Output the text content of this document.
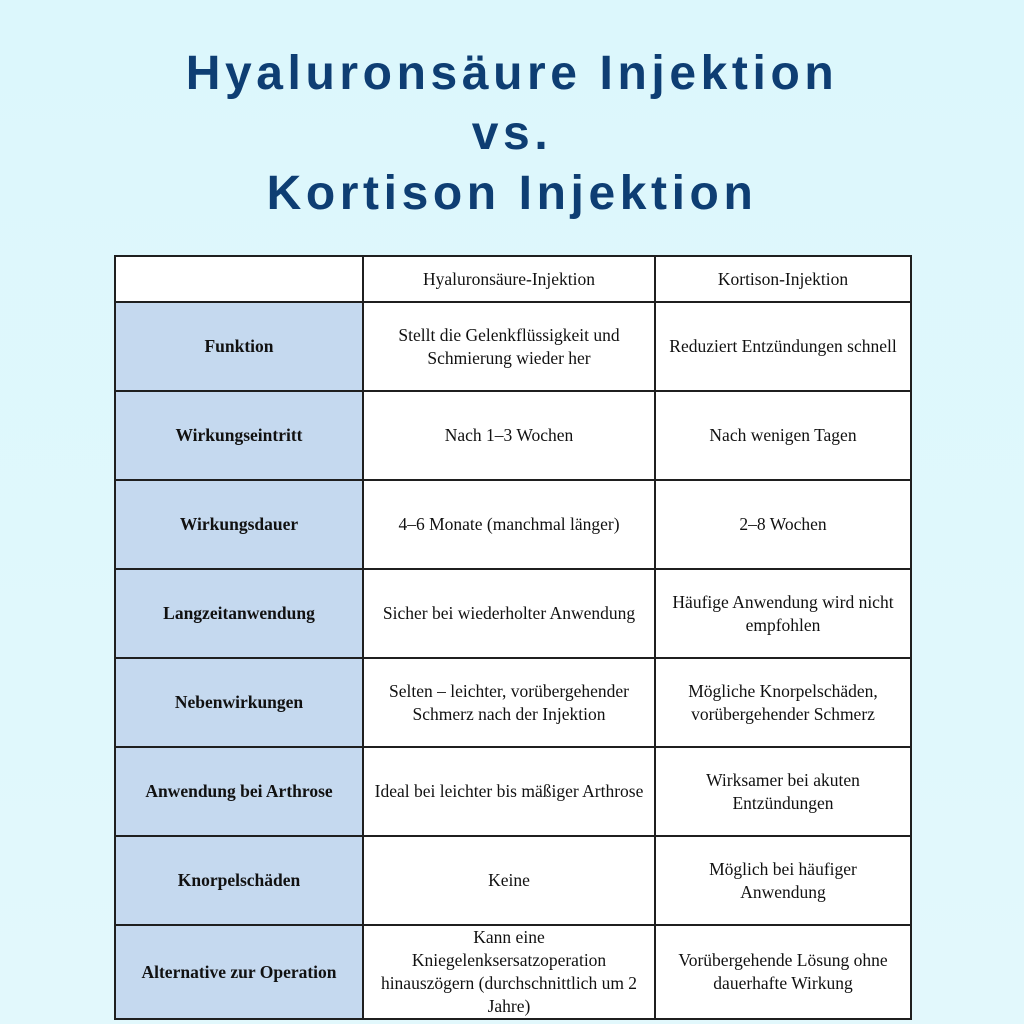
Hyaluronsäure Injektion
vs.
Kortison Injektion
	Hyaluronsäure-Injektion	Kortison-Injektion
Funktion	Stellt die Gelenkflüssigkeit und Schmierung wieder her	Reduziert Entzündungen schnell
Wirkungseintritt	Nach 1–3 Wochen	Nach wenigen Tagen
Wirkungsdauer	4–6 Monate (manchmal länger)	2–8 Wochen
Langzeitanwendung	Sicher bei wiederholter Anwendung	Häufige Anwendung wird nicht empfohlen
Nebenwirkungen	Selten – leichter, vorübergehender Schmerz nach der Injektion	Mögliche Knorpelschäden, vorübergehender Schmerz
Anwendung bei Arthrose	Ideal bei leichter bis mäßiger Arthrose	Wirksamer bei akuten Entzündungen
Knorpelschäden	Keine	Möglich bei häufiger Anwendung
Alternative zur Operation	Kann eine Kniegelenksersatzoperation hinauszögern (durchschnittlich um 2 Jahre)	Vorübergehende Lösung ohne dauerhafte Wirkung
